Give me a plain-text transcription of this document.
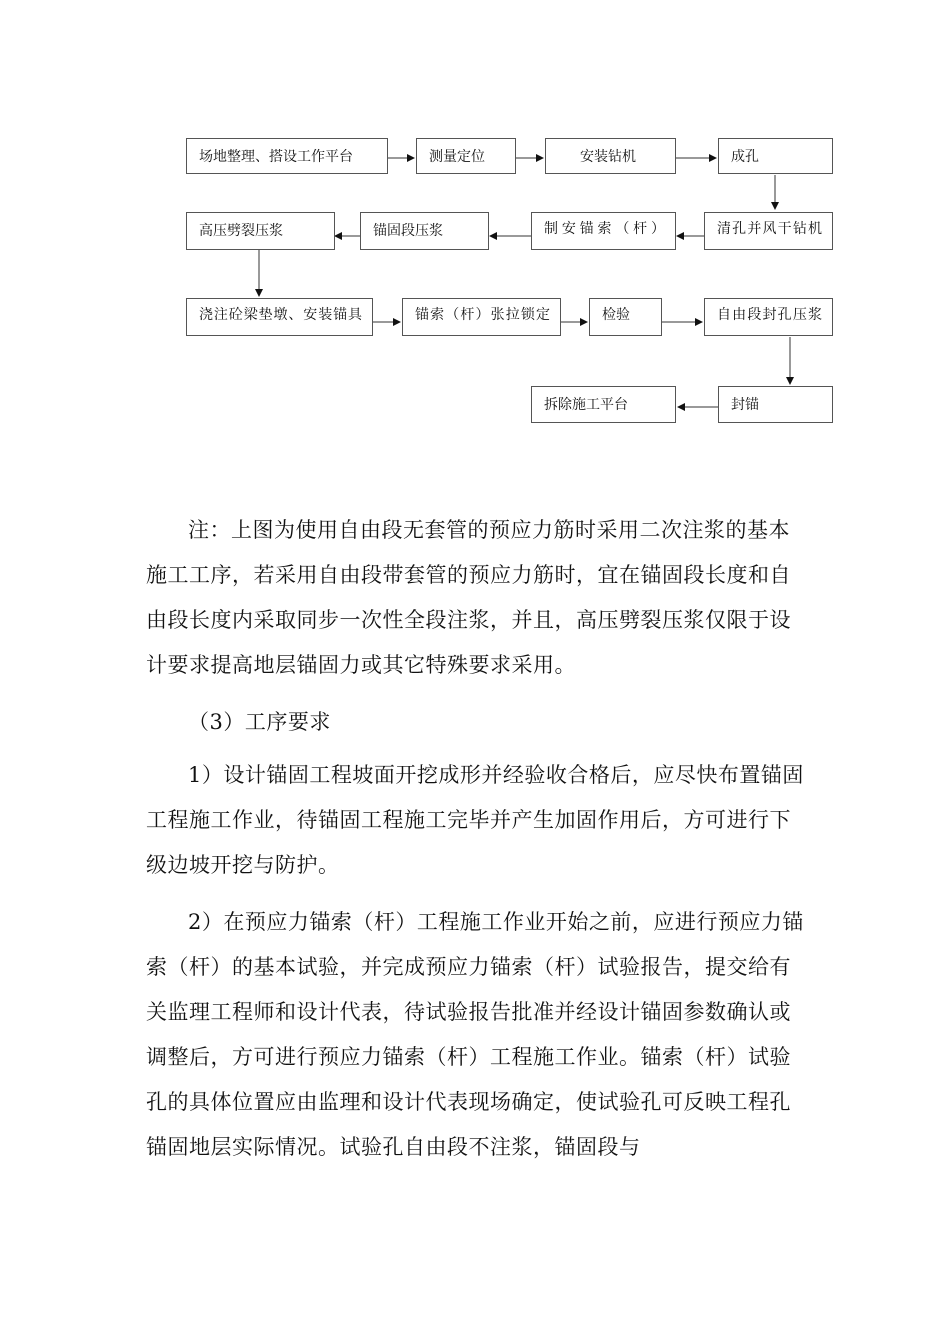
场地整理、搭设工作平台	测量定位	安装钻机	成孔
高压劈裂压浆	锚固段压浆	制安锚索（杆）	清孔并风干钻机
浇注砼梁垫墩、安装锚具	锚索（杆）张拉锁定	检验	自由段封孔压浆
拆除施工平台	封锚

注：上图为使用自由段无套管的预应力筋时采用二次注浆的基本施工工序，若采用自由段带套管的预应力筋时，宜在锚固段长度和自由段长度内采取同步一次性全段注浆，并且，高压劈裂压浆仅限于设计要求提高地层锚固力或其它特殊要求采用。

（3）工序要求

1）设计锚固工程坡面开挖成形并经验收合格后，应尽快布置锚固工程施工作业，待锚固工程施工完毕并产生加固作用后，方可进行下级边坡开挖与防护。

2）在预应力锚索（杆）工程施工作业开始之前，应进行预应力锚索（杆）的基本试验，并完成预应力锚索（杆）试验报告，提交给有关监理工程师和设计代表，待试验报告批准并经设计锚固参数确认或调整后，方可进行预应力锚索（杆）工程施工作业。锚索（杆）试验孔的具体位置应由监理和设计代表现场确定，使试验孔可反映工程孔锚固地层实际情况。试验孔自由段不注浆，锚固段与
